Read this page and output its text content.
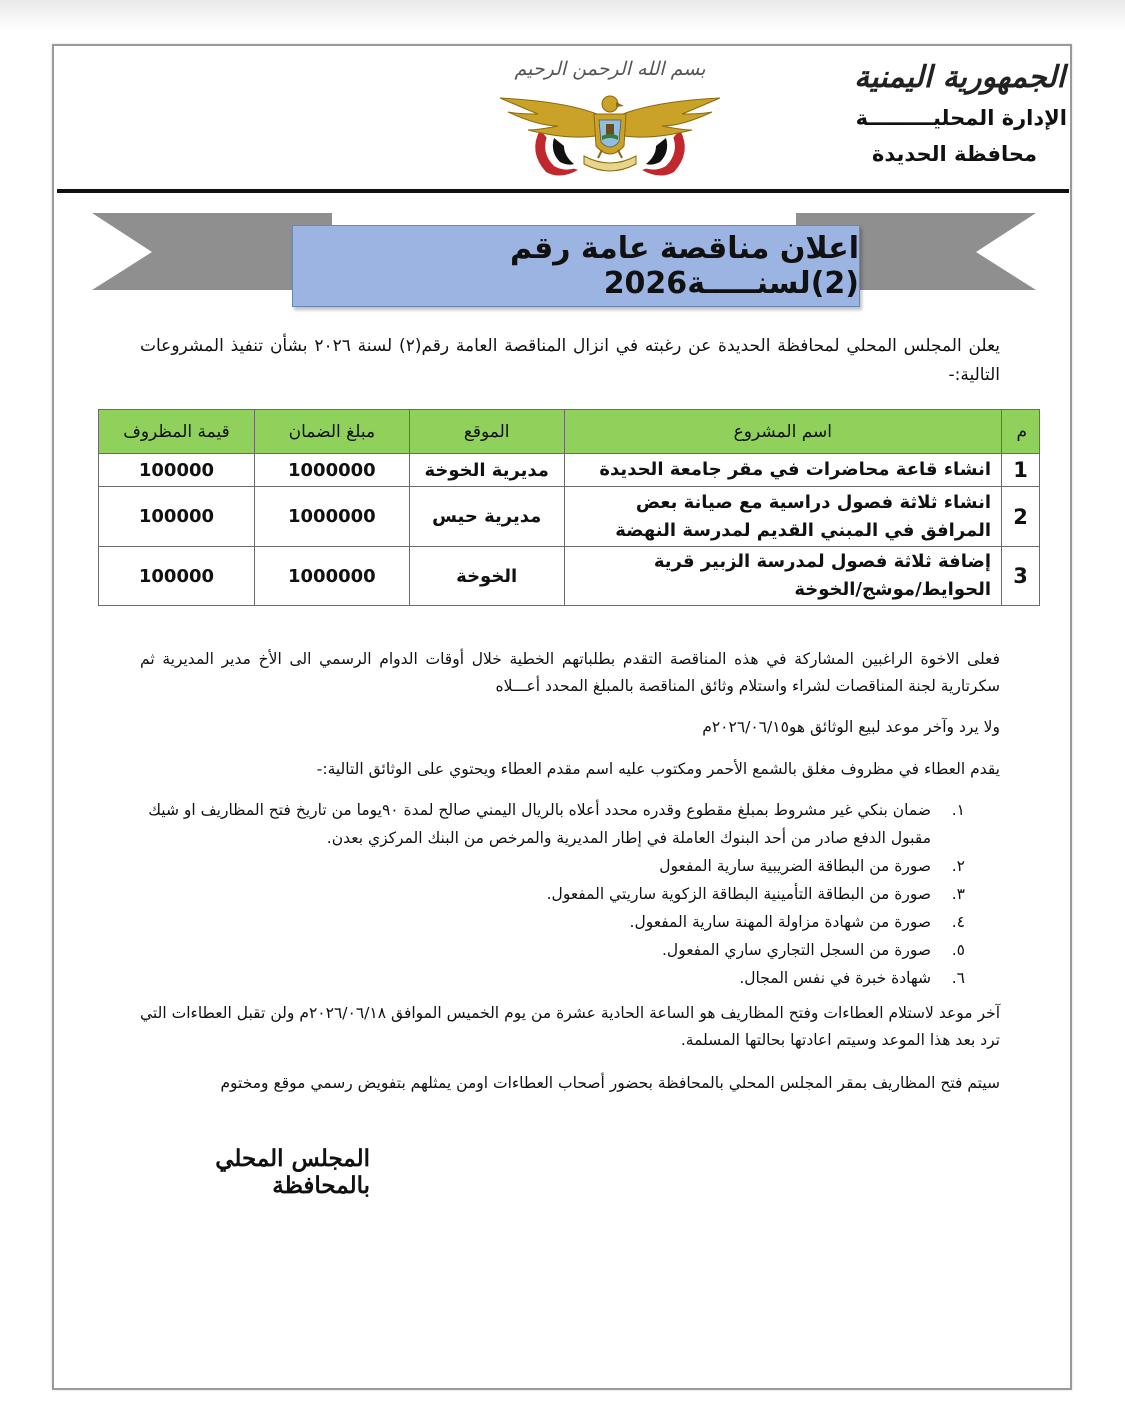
الجمهورية اليمنية
الإدارة المحليـــــــــة
محافظة الحديدة
بسم الله الرحمن الرحيم
اعلان مناقصة عامة رقم (2)لسنـــــة2026
يعلن المجلس المحلي لمحافظة الحديدة عن رغبته في انزال المناقصة العامة رقم(٢) لسنة ٢٠٢٦ بشأن تنفيذ المشروعات التالية:-
م	اسم المشروع	الموقع	مبلغ الضمان	قيمة المظروف
1	انشاء قاعة محاضرات في مقر جامعة الحديدة	مديرية الخوخة	1000000	100000
2	انشاء ثلاثة فصول دراسية مع صيانة بعض المرافق في المبني القديم لمدرسة النهضة	مديرية حيس	1000000	100000
3	إضافة ثلاثة فصول لمدرسة الزبير قرية الحوايط/موشج/الخوخة	الخوخة	1000000	100000
فعلى الاخوة الراغبين المشاركة في هذه المناقصة التقدم بطلباتهم الخطية خلال أوقات الدوام الرسمي الى الأخ مدير المديرية ثم سكرتارية لجنة المناقصات لشراء واستلام وثائق المناقصة بالمبلغ المحدد أعـــلاه
ولا يرد وآخر موعد لبيع الوثائق هو٢٠٢٦/٠٦/١٥م
يقدم العطاء في مظروف مغلق بالشمع الأحمر ومكتوب عليه اسم مقدم العطاء ويحتوي على الوثائق التالية:-
١.
ضمان بنكي غير مشروط بمبلغ مقطوع وقدره محدد أعلاه بالريال اليمني صالح لمدة ٩٠يوما من تاريخ فتح المظاريف او شيك مقبول الدفع صادر من أحد البنوك العاملة في إطار المديرية والمرخص من البنك المركزي بعدن.
٢.
صورة من البطاقة الضريبية سارية المفعول
٣.
صورة من البطاقة التأمينية البطاقة الزكوية ساريتي المفعول.
٤.
صورة من شهادة مزاولة المهنة سارية المفعول.
٥.
صورة من السجل التجاري ساري المفعول.
٦.
شهادة خبرة في نفس المجال.
آخر موعد لاستلام العطاءات وفتح المظاريف هو الساعة الحادية عشرة من يوم الخميس الموافق ٢٠٢٦/٠٦/١٨م ولن تقبل العطاءات التي ترد بعد هذا الموعد وسيتم اعادتها بحالتها المسلمة.
سيتم فتح المظاريف بمقر المجلس المحلي بالمحافظة بحضور أصحاب العطاءات اومن يمثلهم بتفويض رسمي موقع ومختوم
المجلس المحلي بالمحافظة
